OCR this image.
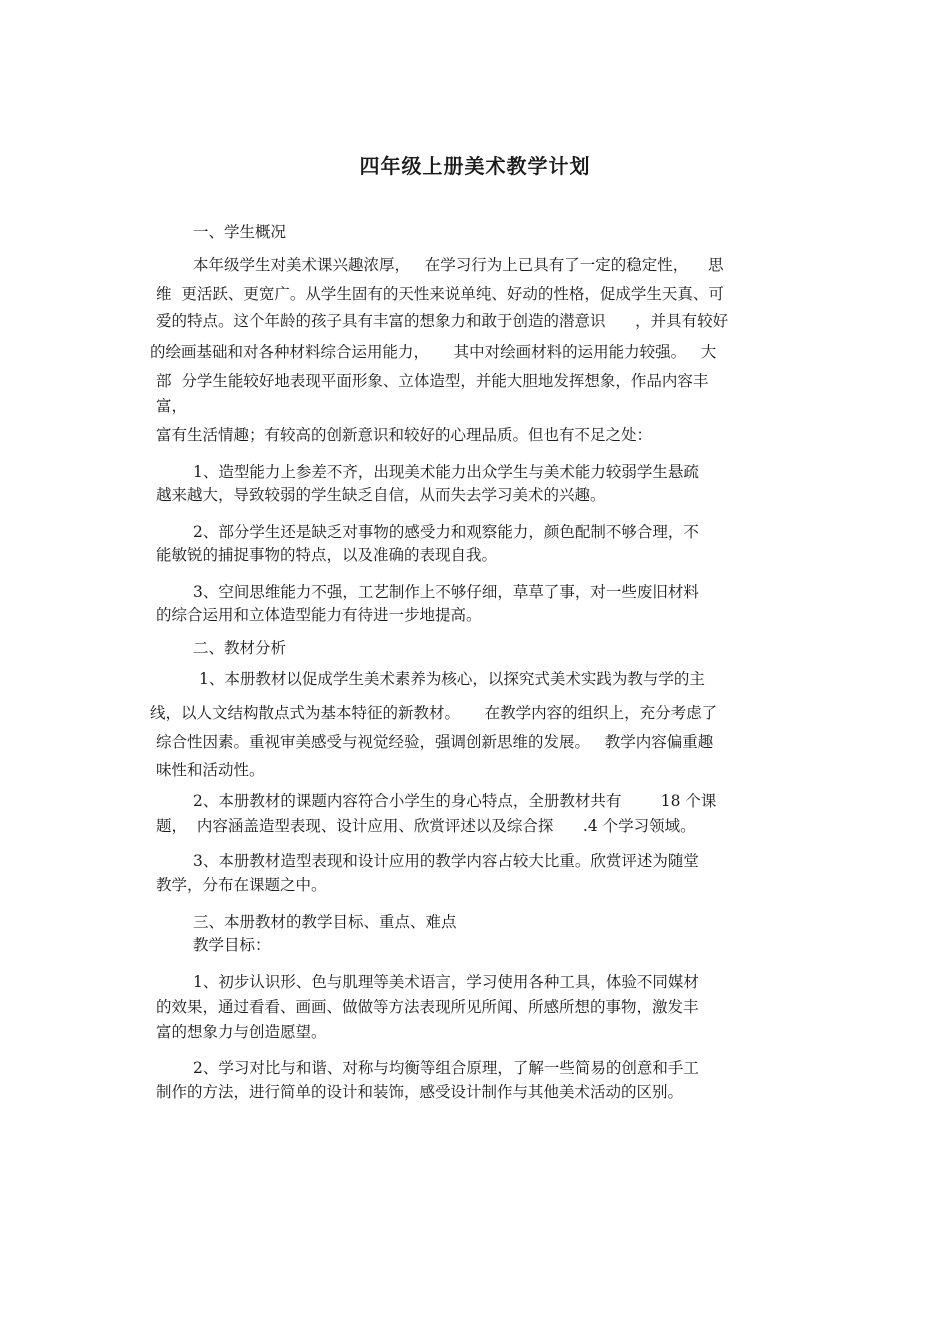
四年级上册美术教学计划
一、学生概况
本年级学生对美术课兴趣浓厚，   在学习行为上已具有了一定的稳定性，    思
维  更活跃、更宽广。从学生固有的天性来说单纯、好动的性格，促成学生天真、可
爱的特点。这个年龄的孩子具有丰富的想象力和敢于创造的潜意识      ，并具有较好
的绘画基础和对各种材料综合运用能力，     其中对绘画材料的运用能力较强。   大
部  分学生能较好地表现平面形象、立体造型，并能大胆地发挥想象，作品内容丰
富，
富有生活情趣；有较高的创新意识和较好的心理品质。但也有不足之处：
1、造型能力上参差不齐，出现美术能力出众学生与美术能力较弱学生悬疏
越来越大，导致较弱的学生缺乏自信，从而失去学习美术的兴趣。
2、部分学生还是缺乏对事物的感受力和观察能力，颜色配制不够合理，不
能敏锐的捕捉事物的特点，以及准确的表现自我。
3、空间思维能力不强，工艺制作上不够仔细，草草了事，对一些废旧材料
的综合运用和立体造型能力有待进一步地提高。
二、教材分析
1、本册教材以促成学生美术素养为核心，以探究式美术实践为教与学的主
线，以人文结构散点式为基本特征的新教材。     在教学内容的组织上，充分考虑了
综合性因素。重视审美感受与视觉经验，强调创新思维的发展。   教学内容偏重趣
味性和活动性。
2、本册教材的课题内容符合小学生的身心特点，全册教材共有        18 个课
题，  内容涵盖造型表现、设计应用、欣赏评述以及综合探      .4 个学习领域。
3、本册教材造型表现和设计应用的教学内容占较大比重。欣赏评述为随堂
教学，分布在课题之中。
三、本册教材的教学目标、重点、难点
教学目标：
1、初步认识形、色与肌理等美术语言，学习使用各种工具，体验不同媒材
的效果，通过看看、画画、做做等方法表现所见所闻、所感所想的事物，激发丰
富的想象力与创造愿望。
2、学习对比与和谐、对称与均衡等组合原理，了解一些简易的创意和手工
制作的方法，进行简单的设计和装饰，感受设计制作与其他美术活动的区别。
